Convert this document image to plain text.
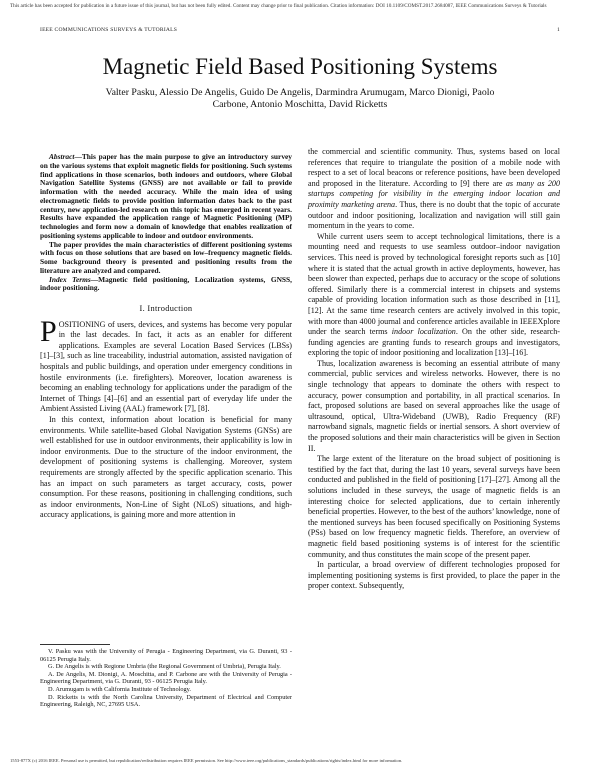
This article has been accepted for publication in a future issue of this journal, but has not been fully edited. Content may change prior to final publication. Citation information: DOI 10.1109/COMST.2017.2684087, IEEE Communications Surveys & Tutorials
IEEE COMMUNICATIONS SURVEYS & TUTORIALS	1
Magnetic Field Based Positioning Systems
Valter Pasku, Alessio De Angelis, Guido De Angelis, Darmindra Arumugam, Marco Dionigi, Paolo Carbone, Antonio Moschitta, David Ricketts

Abstract—This paper has the main purpose to give an introductory survey on the various systems that exploit magnetic fields for positioning. Such systems find applications in those scenarios, both indoors and outdoors, where Global Navigation Satellite Systems (GNSS) are not available or fail to provide information with the needed accuracy. While the main idea of using electromagnetic fields to provide position information dates back to the past century, new application-led research on this topic has emerged in recent years. Results have expanded the application range of Magnetic Positioning (MP) technologies and form now a domain of knowledge that enables realization of positioning systems applicable to indoor and outdoor environments.

The paper provides the main characteristics of different positioning systems with focus on those solutions that are based on low–frequency magnetic fields. Some background theory is presented and positioning results from the literature are analyzed and compared.

Index Terms—Magnetic field positioning, Localization systems, GNSS, indoor positioning.

I. Introduction

POSITIONING of users, devices, and systems has become very popular in the last decades. In fact, it acts as an enabler for different applications. Examples are several Location Based Services (LBSs) [1]–[3], such as line traceability, industrial automation, assisted navigation of hospitals and public buildings, and operation under emergency conditions in hostile environments (i.e. firefighters). Moreover, location awareness is becoming an enabling technology for applications under the paradigm of the Internet of Things [4]–[6] and an essential part of everyday life under the Ambient Assisted Living (AAL) framework [7], [8].

In this context, information about location is beneficial for many environments. While satellite-based Global Navigation Systems (GNSs) are well established for use in outdoor environments, their applicability is low in indoor environments. Due to the structure of the indoor environment, the development of positioning systems is challenging. Moreover, system requirements are strongly affected by the specific application scenario. This has an impact on such parameters as target accuracy, costs, power consumption. For these reasons, positioning in challenging conditions, such as indoor environments, Non-Line of Sight (NLoS) situations, and high-accuracy applications, is gaining more and more attention in

V. Pasku was with the University of Perugia - Engineering Department, via G. Duranti, 93 - 06125 Perugia Italy.

G. De Angelis is with Regione Umbria (the Regional Government of Umbria), Perugia Italy.

A. De Angelis, M. Dionigi, A. Moschitta, and P. Carbone are with the University of Perugia - Engineering Department, via G. Duranti, 93 - 06125 Perugia Italy.

D. Arumugam is with California Institute of Technology.

D. Ricketts is with the North Carolina University, Department of Electrical and Computer Engineering, Raleigh, NC, 27695 USA.

the commercial and scientific community. Thus, systems based on local references that require to triangulate the position of a mobile node with respect to a set of local beacons or reference positions, have been developed and proposed in the literature. According to [9] there are as many as 200 startups competing for visibility in the emerging indoor location and proximity marketing arena. Thus, there is no doubt that the topic of accurate outdoor and indoor positioning, localization and navigation will still gain momentum in the years to come.

While current users seem to accept technological limitations, there is a mounting need and requests to use seamless outdoor–indoor navigation services. This need is proved by technological foresight reports such as [10] where it is stated that the actual growth in active deployments, however, has been slower than expected, perhaps due to accuracy or the scope of solutions offered. Similarly there is a commercial interest in chipsets and systems capable of providing location information such as those described in [11], [12]. At the same time research centers are actively involved in this topic, with more than 4000 journal and conference articles available in IEEEXplore under the search terms indoor localization. On the other side, research-funding agencies are granting funds to research groups and investigators, exploring the topic of indoor positioning and localization [13]–[16].

Thus, localization awareness is becoming an essential attribute of many commercial, public services and wireless networks. However, there is no single technology that appears to dominate the others with respect to accuracy, power consumption and portability, in all practical scenarios. In fact, proposed solutions are based on several approaches like the usage of ultrasound, optical, Ultra-Wideband (UWB), Radio Frequency (RF) narrowband signals, magnetic fields or inertial sensors. A short overview of the proposed solutions and their main characteristics will be given in Section II.

The large extent of the literature on the broad subject of positioning is testified by the fact that, during the last 10 years, several surveys have been conducted and published in the field of positioning [17]–[27]. Among all the solutions included in these surveys, the usage of magnetic fields is an interesting choice for selected applications, due to certain inherently beneficial properties. However, to the best of the authors’ knowledge, none of the mentioned surveys has been focused specifically on Positioning Systems (PSs) based on low frequency magnetic fields. Therefore, an overview of magnetic field based positioning systems is of interest for the scientific community, and thus constitutes the main scope of the present paper.

In particular, a broad overview of different technologies proposed for implementing positioning systems is first provided, to place the paper in the proper context. Subsequently,

1553-877X (c) 2016 IEEE. Personal use is permitted, but republication/redistribution requires IEEE permission. See http://www.ieee.org/publications_standards/publications/rights/index.html for more information.
